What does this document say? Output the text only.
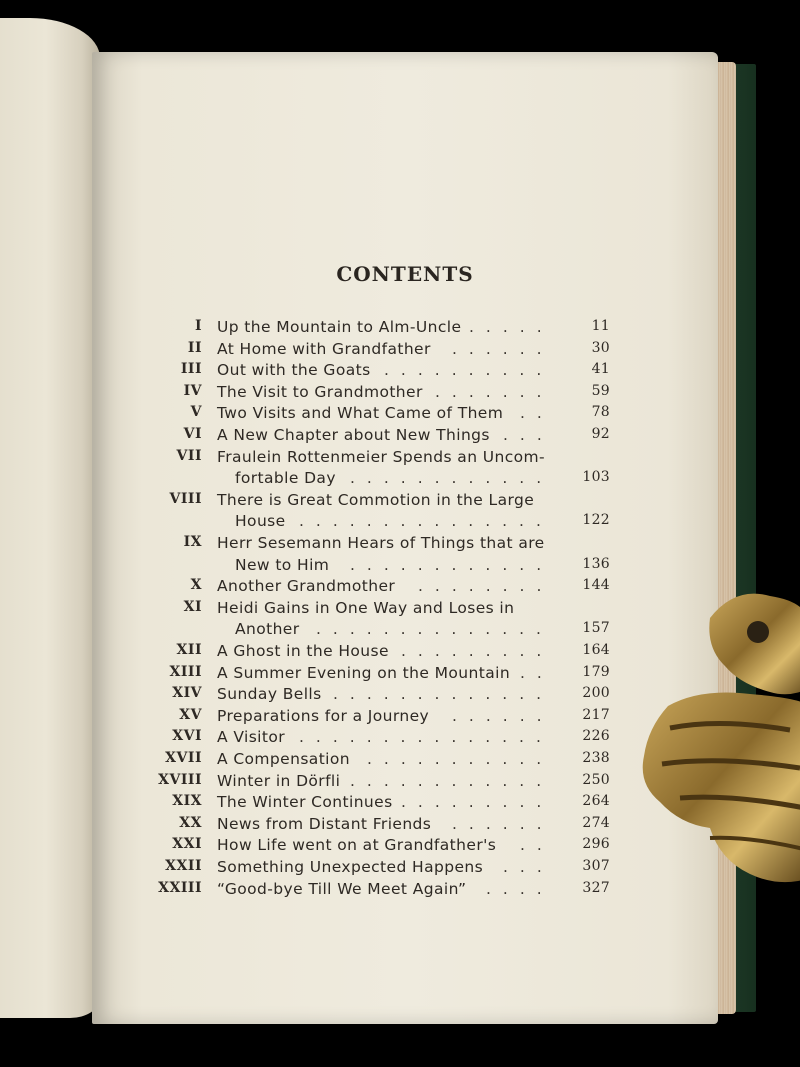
CONTENTS
I Up the Mountain to Alm-Uncle .....	11
II At Home with Grandfather ......	30
III Out with the Goats ..........	41
IV The Visit to Grandmother .......	59
V Two Visits and What Came of Them ..	78
VI A New Chapter about New Things ...	92
VII Fraulein Rottenmeier Spends an Uncom-
fortable Day ............	103
VIII There is Great Commotion in the Large
House ...............	122
IX Herr Sesemann Hears of Things that are
New to Him ............	136
X Another Grandmother ........	144
XI Heidi Gains in One Way and Loses in
Another ..............	157
XII A Ghost in the House .........	164
XIII A Summer Evening on the Mountain ..	179
XIV Sunday Bells .............	200
XV Preparations for a Journey ......	217
XVI A Visitor ...............	226
XVII A Compensation ...........	238
XVIII Winter in Dörfli ............	250
XIX The Winter Continues .........	264
XX News from Distant Friends ......	274
XXI How Life went on at Grandfather's ..	296
XXII Something Unexpected Happens ...	307
XXIII “Good-bye Till We Meet Again” ....	327
